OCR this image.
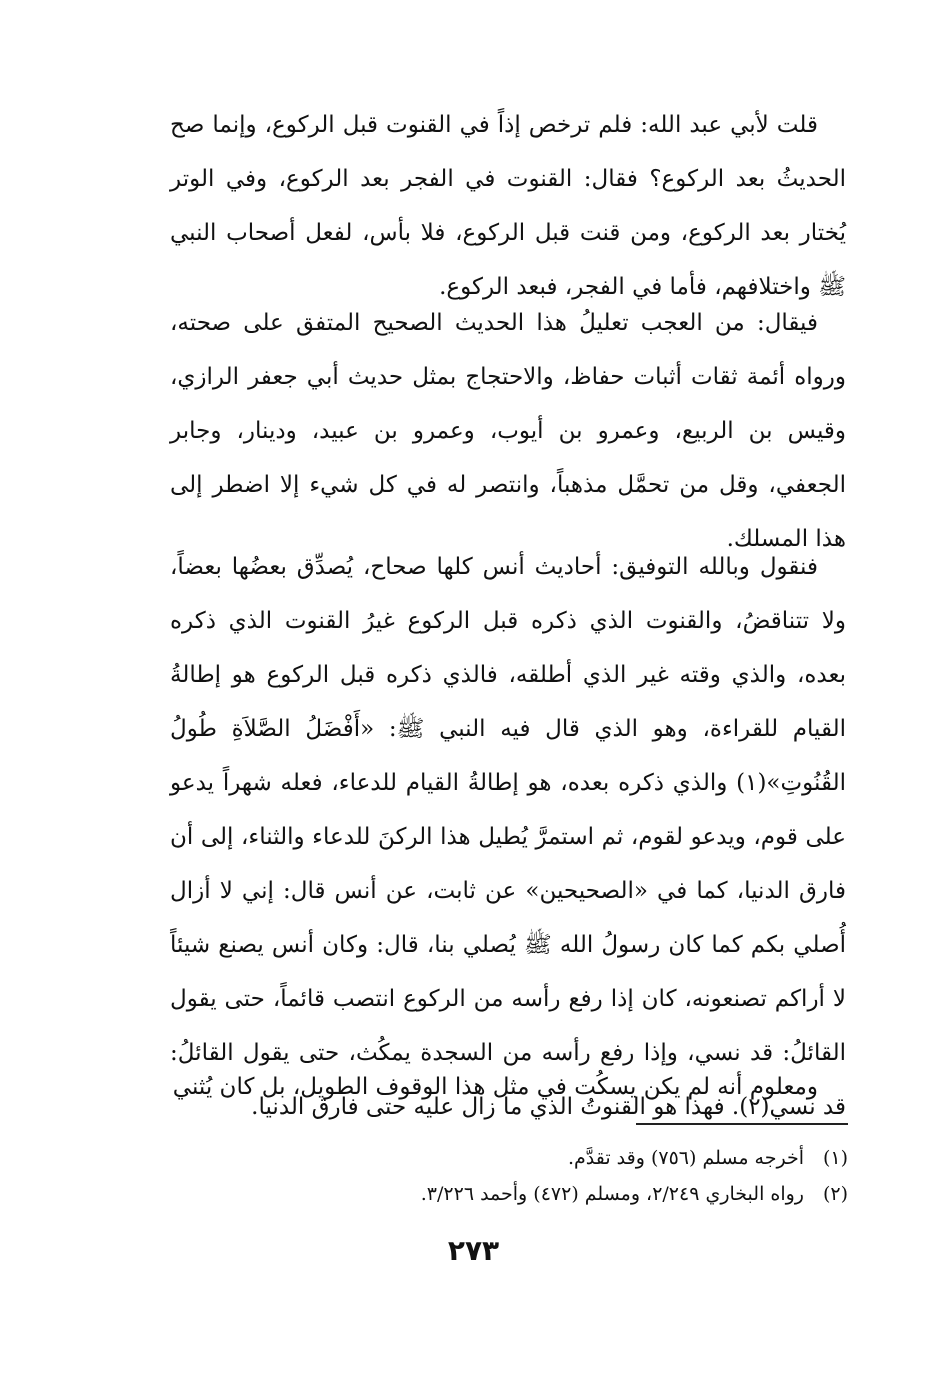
قلت لأبي عبد الله: فلم ترخص إذاً في القنوت قبل الركوع، وإنما صح الحديثُ بعد الركوع؟ فقال: القنوت في الفجر بعد الركوع، وفي الوتر يُختار بعد الركوع، ومن قنت قبل الركوع، فلا بأس، لفعل أصحاب النبي ﷺ واختلافهم، فأما في الفجر، فبعد الركوع.
فيقال: من العجب تعليلُ هذا الحديث الصحيح المتفق على صحته، ورواه أئمة ثقات أثبات حفاظ، والاحتجاج بمثل حديث أبي جعفر الرازي، وقيس بن الربيع، وعمرو بن أيوب، وعمرو بن عبيد، ودينار، وجابر الجعفي، وقل من تحمَّل مذهباً، وانتصر له في كل شيء إلا اضطر إلى هذا المسلك.
فنقول وبالله التوفيق: أحاديث أنس كلها صحاح، يُصدِّق بعضُها بعضاً، ولا تتناقضُ، والقنوت الذي ذكره قبل الركوع غيرُ القنوت الذي ذكره بعده، والذي وقته غير الذي أطلقه، فالذي ذكره قبل الركوع هو إطالةُ القيام للقراءة، وهو الذي قال فيه النبي ﷺ: «أَفْضَلُ الصَّلاَةِ طُولُ القُنُوتِ»(١) والذي ذكره بعده، هو إطالةُ القيام للدعاء، فعله شهراً يدعو على قوم، ويدعو لقوم، ثم استمرَّ يُطيل هذا الركنَ للدعاء والثناء، إلى أن فارق الدنيا، كما في «الصحيحين» عن ثابت، عن أنس قال: إني لا أزال أُصلي بكم كما كان رسولُ الله ﷺ يُصلي بنا، قال: وكان أنس يصنع شيئاً لا أراكم تصنعونه، كان إذا رفع رأسه من الركوع انتصب قائماً، حتى يقول القائلُ: قد نسي، وإذا رفع رأسه من السجدة يمكُث، حتى يقول القائلُ: قد نسي(٢). فهذا هو القنوتُ الذي ما زال عليه حتى فارق الدنيا.
ومعلوم أنه لم يكن يسكُت في مثل هذا الوقوف الطويل، بل كان يُثني
(١)
أخرجه مسلم (٧٥٦) وقد تقدَّم.
(٢)
رواه البخاري ٢/٢٤٩، ومسلم (٤٧٢) وأحمد ٣/٢٢٦.
٢٧٣
